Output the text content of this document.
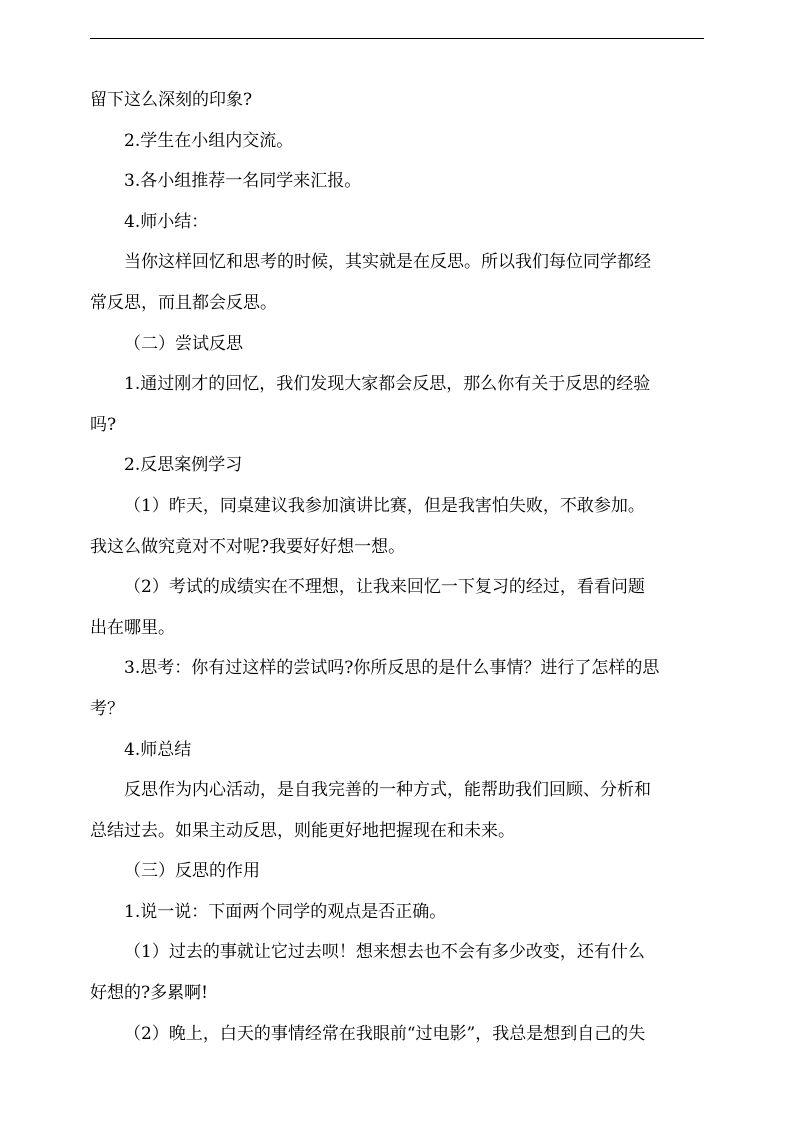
留下这么深刻的印象?

2.学生在小组内交流。

3.各小组推荐一名同学来汇报。

4.师小结：

当你这样回忆和思考的时候，其实就是在反思。所以我们每位同学都经

常反思，而且都会反思。

（二）尝试反思

1.通过刚才的回忆，我们发现大家都会反思，那么你有关于反思的经验

吗?

2.反思案例学习

（1）昨天，同桌建议我参加演讲比赛，但是我害怕失败，不敢参加。

我这么做究竟对不对呢?我要好好想一想。

（2）考试的成绩实在不理想，让我来回忆一下复习的经过，看看问题

出在哪里。

3.思考：你有过这样的尝试吗?你所反思的是什么事情？进行了怎样的思

考？

4.师总结

反思作为内心活动，是自我完善的一种方式，能帮助我们回顾、分析和

总结过去。如果主动反思，则能更好地把握现在和未来。

（三）反思的作用

1.说一说：下面两个同学的观点是否正确。

（1）过去的事就让它过去呗！想来想去也不会有多少改变，还有什么

好想的?多累啊!

（2）晚上，白天的事情经常在我眼前“过电影”，我总是想到自己的失
